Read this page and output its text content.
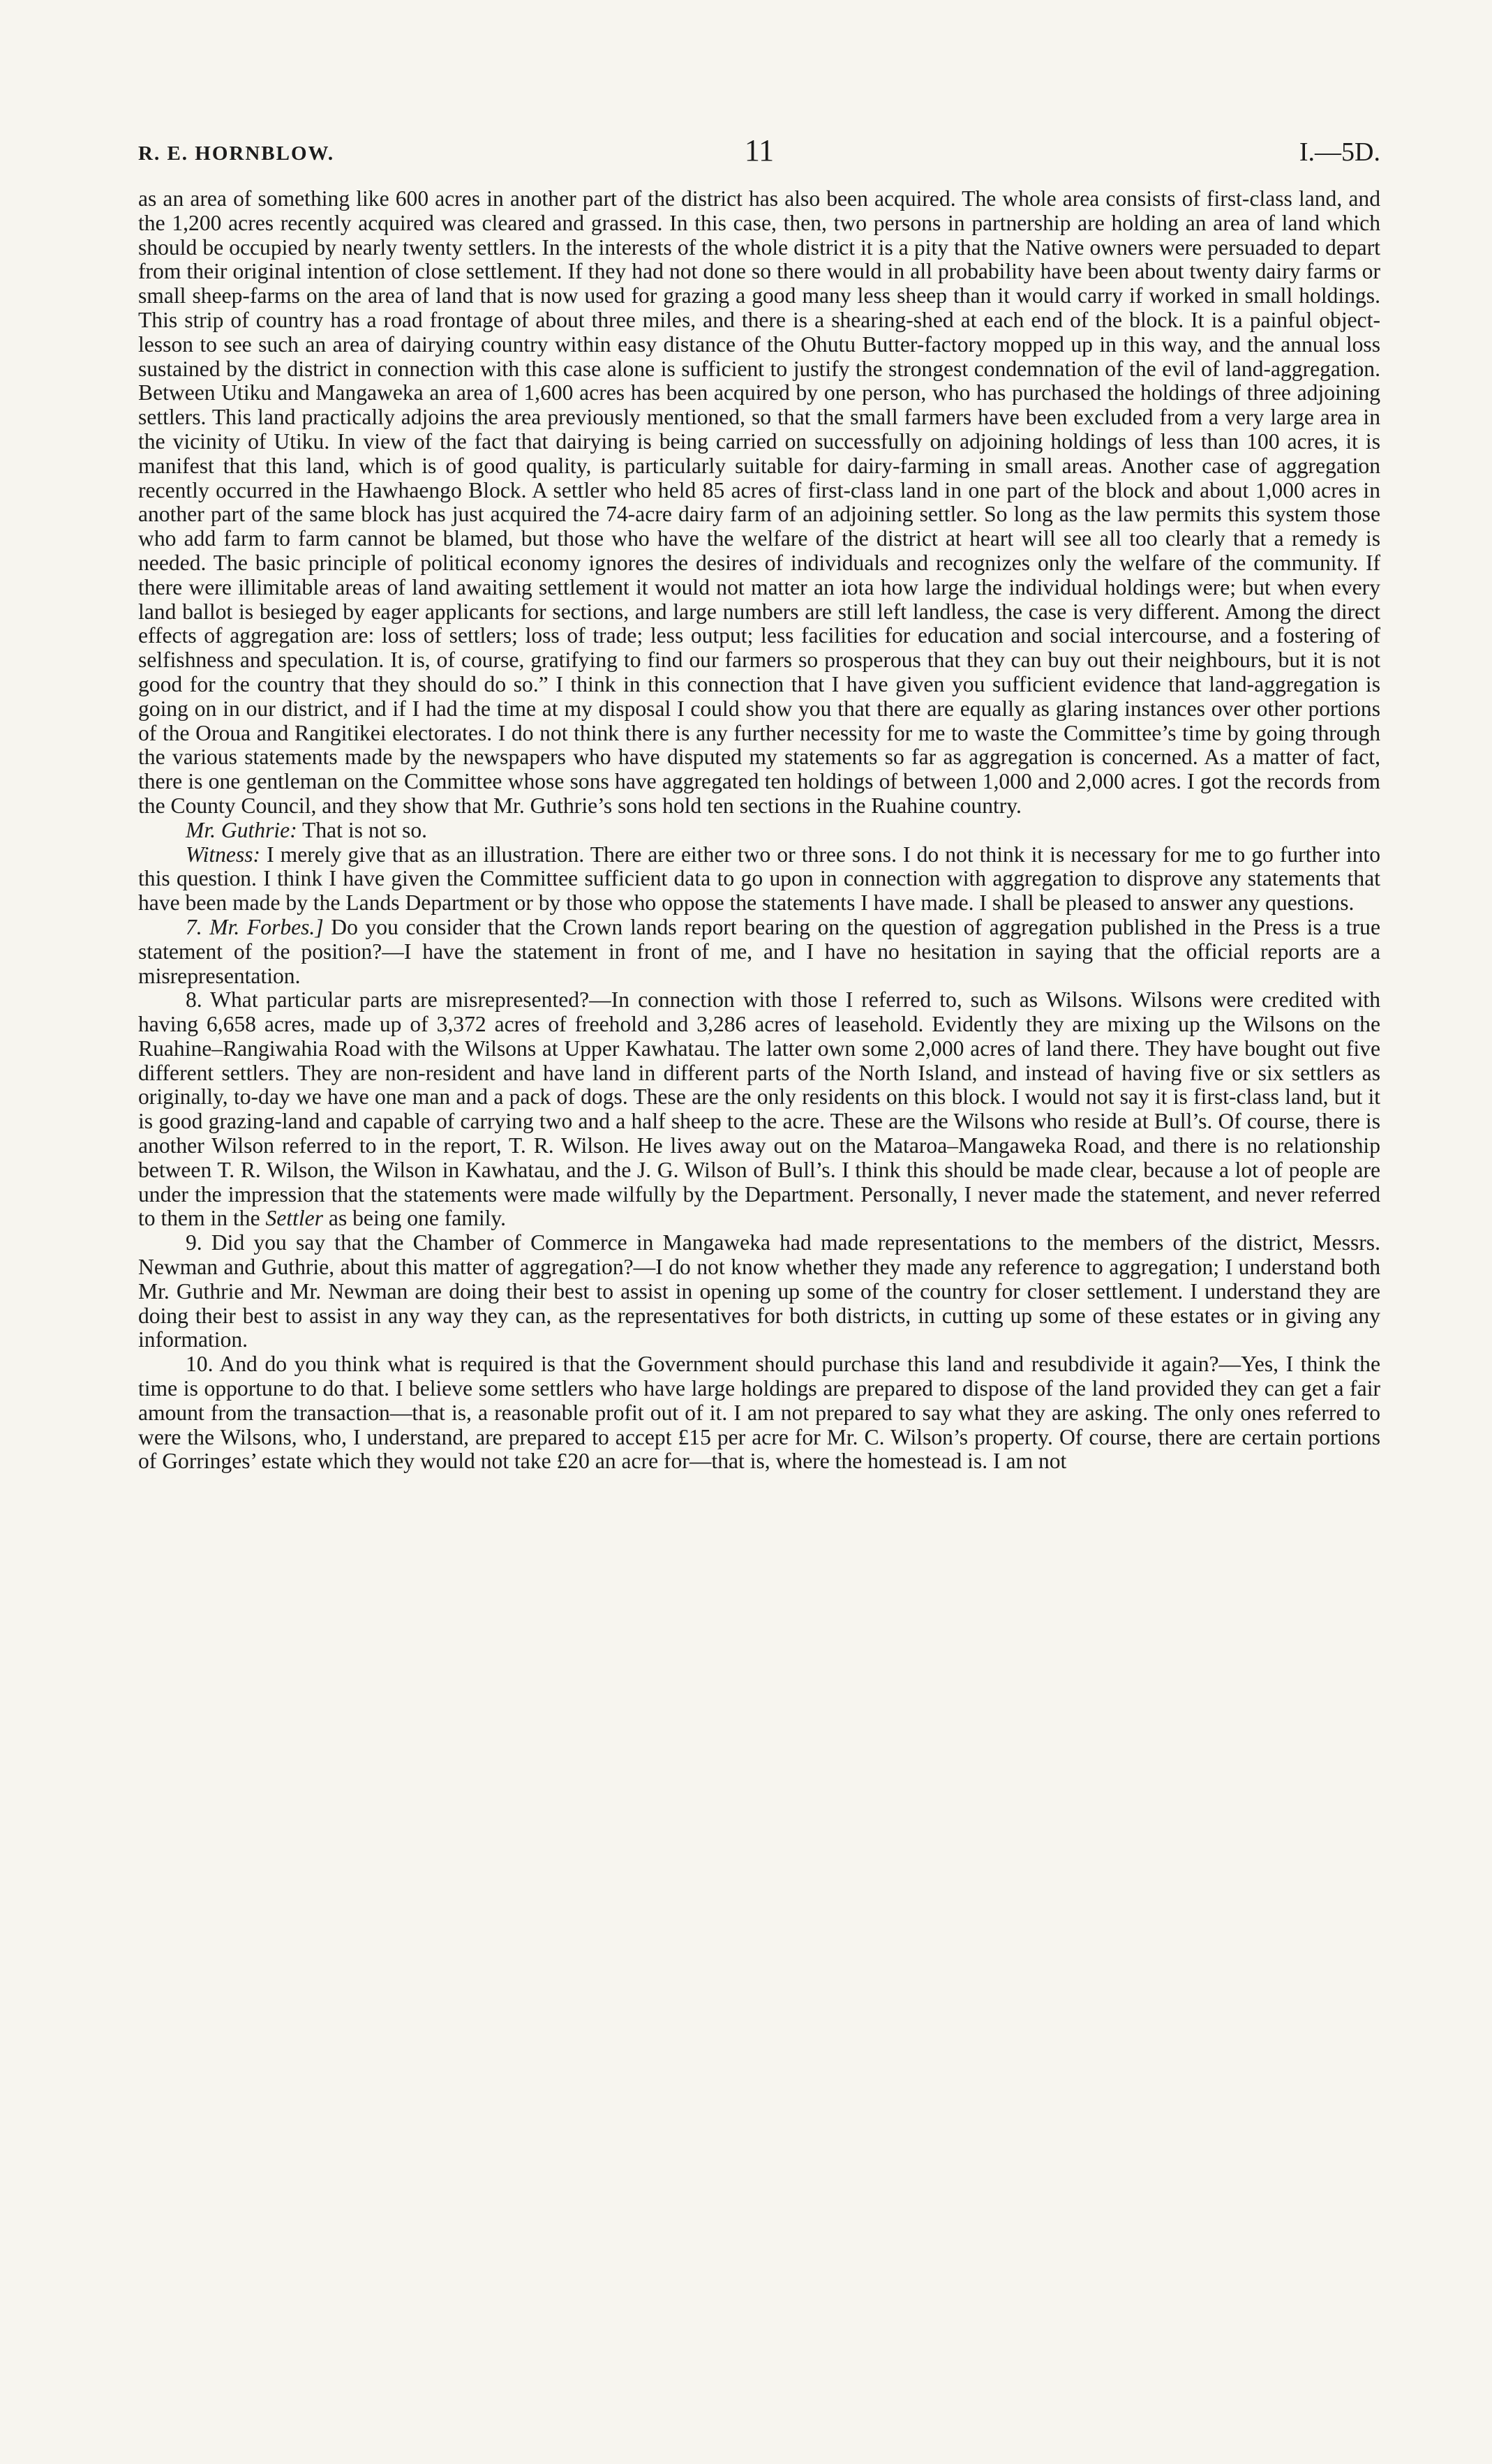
R. E. HORNBLOW.	11	I.—5D.

as an area of something like 600 acres in another part of the district has also been acquired. The whole area consists of first-class land, and the 1,200 acres recently acquired was cleared and grassed. In this case, then, two persons in partnership are holding an area of land which should be occupied by nearly twenty settlers. In the interests of the whole district it is a pity that the Native owners were persuaded to depart from their original intention of close settlement. If they had not done so there would in all probability have been about twenty dairy farms or small sheep-farms on the area of land that is now used for grazing a good many less sheep than it would carry if worked in small holdings. This strip of country has a road frontage of about three miles, and there is a shearing-shed at each end of the block. It is a painful object-lesson to see such an area of dairying country within easy distance of the Ohutu Butter-factory mopped up in this way, and the annual loss sustained by the district in connection with this case alone is sufficient to justify the strongest condemnation of the evil of land-aggregation. Between Utiku and Mangaweka an area of 1,600 acres has been acquired by one person, who has purchased the holdings of three adjoining settlers. This land practically adjoins the area previously mentioned, so that the small farmers have been excluded from a very large area in the vicinity of Utiku. In view of the fact that dairying is being carried on successfully on adjoining holdings of less than 100 acres, it is manifest that this land, which is of good quality, is particularly suitable for dairy-farming in small areas. Another case of aggregation recently occurred in the Hawhaengo Block. A settler who held 85 acres of first-class land in one part of the block and about 1,000 acres in another part of the same block has just acquired the 74-acre dairy farm of an adjoining settler. So long as the law permits this system those who add farm to farm cannot be blamed, but those who have the welfare of the district at heart will see all too clearly that a remedy is needed. The basic principle of political economy ignores the desires of individuals and recognizes only the welfare of the community. If there were illimitable areas of land awaiting settlement it would not matter an iota how large the individual holdings were; but when every land ballot is besieged by eager applicants for sections, and large numbers are still left landless, the case is very different. Among the direct effects of aggregation are: loss of settlers; loss of trade; less output; less facilities for education and social intercourse, and a fostering of selfishness and speculation. It is, of course, gratifying to find our farmers so prosperous that they can buy out their neighbours, but it is not good for the country that they should do so.” I think in this connection that I have given you sufficient evidence that land-aggregation is going on in our district, and if I had the time at my disposal I could show you that there are equally as glaring instances over other portions of the Oroua and Rangitikei electorates. I do not think there is any further necessity for me to waste the Committee’s time by going through the various statements made by the newspapers who have disputed my statements so far as aggregation is concerned. As a matter of fact, there is one gentleman on the Committee whose sons have aggregated ten holdings of between 1,000 and 2,000 acres. I got the records from the County Council, and they show that Mr. Guthrie’s sons hold ten sections in the Ruahine country.

Mr. Guthrie: That is not so.

Witness: I merely give that as an illustration. There are either two or three sons. I do not think it is necessary for me to go further into this question. I think I have given the Committee sufficient data to go upon in connection with aggregation to disprove any statements that have been made by the Lands Department or by those who oppose the statements I have made. I shall be pleased to answer any questions.

7. Mr. Forbes.] Do you consider that the Crown lands report bearing on the question of aggregation published in the Press is a true statement of the position?—I have the statement in front of me, and I have no hesitation in saying that the official reports are a misrepresentation.

8. What particular parts are misrepresented?—In connection with those I referred to, such as Wilsons. Wilsons were credited with having 6,658 acres, made up of 3,372 acres of freehold and 3,286 acres of leasehold. Evidently they are mixing up the Wilsons on the Ruahine–Rangiwahia Road with the Wilsons at Upper Kawhatau. The latter own some 2,000 acres of land there. They have bought out five different settlers. They are non-resident and have land in different parts of the North Island, and instead of having five or six settlers as originally, to-day we have one man and a pack of dogs. These are the only residents on this block. I would not say it is first-class land, but it is good grazing-land and capable of carrying two and a half sheep to the acre. These are the Wilsons who reside at Bull’s. Of course, there is another Wilson referred to in the report, T. R. Wilson. He lives away out on the Mataroa–Mangaweka Road, and there is no relationship between T. R. Wilson, the Wilson in Kawhatau, and the J. G. Wilson of Bull’s. I think this should be made clear, because a lot of people are under the impression that the statements were made wilfully by the Department. Personally, I never made the statement, and never referred to them in the Settler as being one family.

9. Did you say that the Chamber of Commerce in Mangaweka had made representations to the members of the district, Messrs. Newman and Guthrie, about this matter of aggregation?—I do not know whether they made any reference to aggregation; I understand both Mr. Guthrie and Mr. Newman are doing their best to assist in opening up some of the country for closer settlement. I understand they are doing their best to assist in any way they can, as the representatives for both districts, in cutting up some of these estates or in giving any information.

10. And do you think what is required is that the Government should purchase this land and resubdivide it again?—Yes, I think the time is opportune to do that. I believe some settlers who have large holdings are prepared to dispose of the land provided they can get a fair amount from the transaction—that is, a reasonable profit out of it. I am not prepared to say what they are asking. The only ones referred to were the Wilsons, who, I understand, are prepared to accept £15 per acre for Mr. C. Wilson’s property. Of course, there are certain portions of Gorringes’ estate which they would not take £20 an acre for—that is, where the homestead is. I am not
